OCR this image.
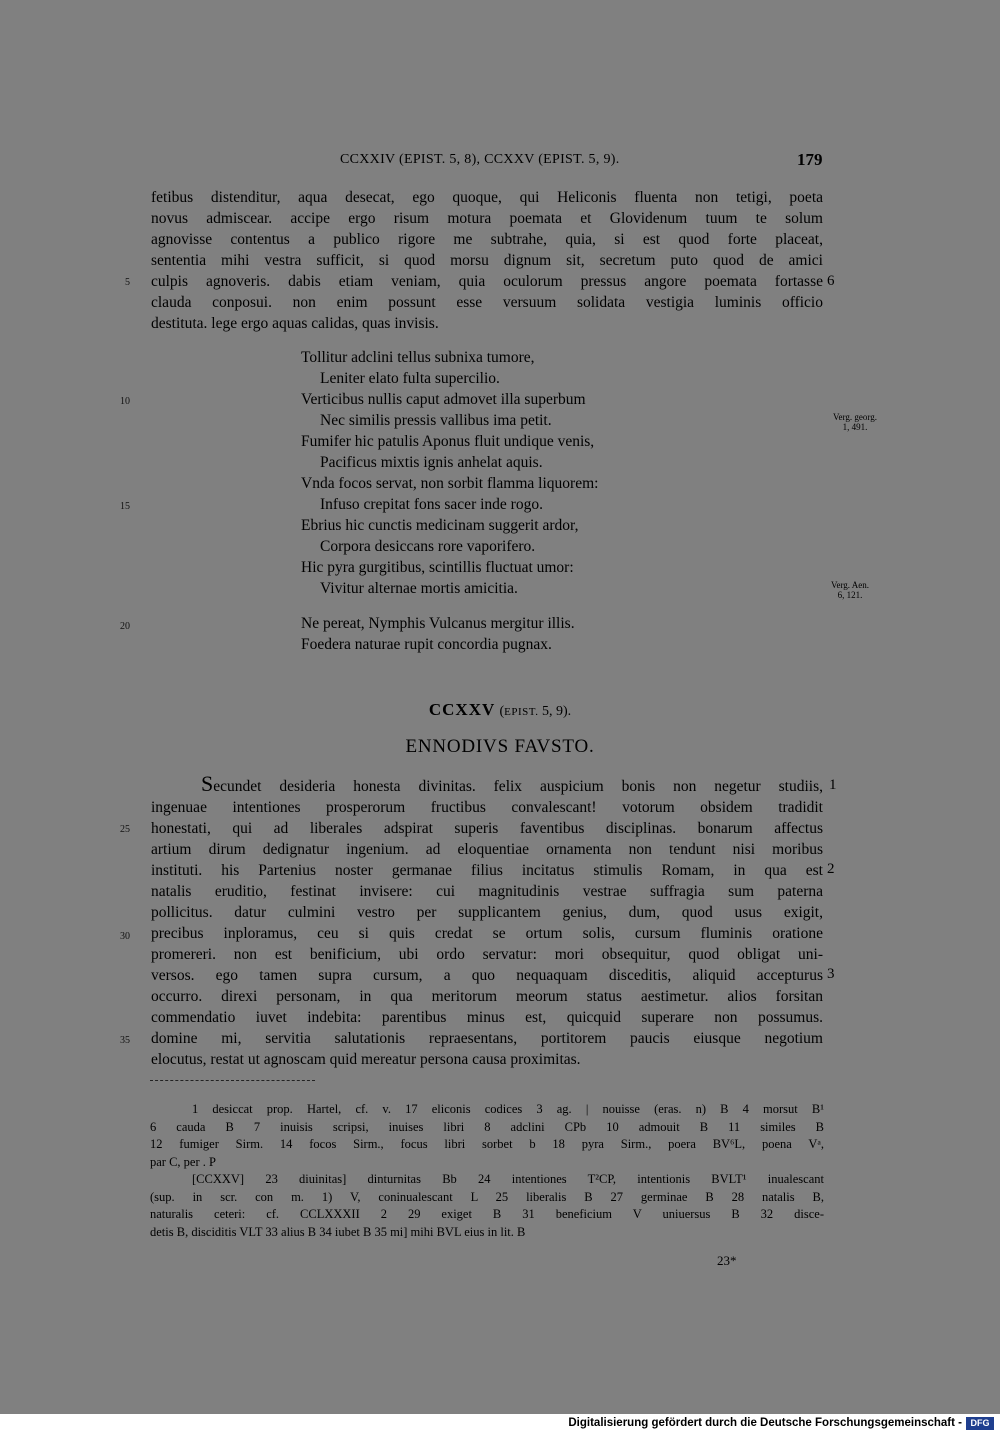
CCXXIV (EPIST. 5, 8), CCXXV (EPIST. 5, 9).	179
fetibus distenditur, aqua desecat, ego quoque, qui Heliconis fluenta non tetigi, poeta
novus admiscear. accipe ergo risum motura poemata et Glovidenum tuum te solum
agnovisse contentus a publico rigore me subtrahe, quia, si est quod forte placeat,
sententia mihi vestra sufficit, si quod morsu dignum sit, secretum puto quod de amici
culpis agnoveris. dabis etiam veniam, quia oculorum pressus angore poemata fortasse
clauda conposui. non enim possunt esse versuum solidata vestigia luminis officio
destituta. lege ergo aquas calidas, quas invisis.
5	6
Tollitur adclini tellus subnixa tumore,
Leniter elato fulta supercilio.
Verticibus nullis caput admovet illa superbum
Nec similis pressis vallibus ima petit.
Fumifer hic patulis Aponus fluit undique venis,
Pacificus mixtis ignis anhelat aquis.
Vnda focos servat, non sorbit flamma liquorem:
Infuso crepitat fons sacer inde rogo.
Ebrius hic cunctis medicinam suggerit ardor,
Corpora desiccans rore vaporifero.
Hic pyra gurgitibus, scintillis fluctuat umor:
Vivitur alternae mortis amicitia.
Ne pereat, Nymphis Vulcanus mergitur illis.
Foedera naturae rupit concordia pugnax.
10
15
20
Verg. georg.
1, 491.
Verg. Aen.
6, 121.
CCXXV (EPIST. 5, 9).
ENNODIVS FAVSTO.
Secundet desideria honesta divinitas. felix auspicium bonis non negetur studiis,
ingenuae intentiones prosperorum fructibus convalescant! votorum obsidem tradidit
honestati, qui ad liberales adspirat superis faventibus disciplinas. bonarum affectus
artium dirum dedignatur ingenium. ad eloquentiae ornamenta non tendunt nisi moribus
instituti. his Partenius noster germanae filius incitatus stimulis Romam, in qua est
natalis eruditio, festinat invisere: cui magnitudinis vestrae suffragia sum paterna
pollicitus. datur culmini vestro per supplicantem genius, dum, quod usus exigit,
precibus inploramus, ceu si quis credat se ortum solis, cursum fluminis oratione
promereri. non est benificium, ubi ordo servatur: mori obsequitur, quod obligat uni-
versos. ego tamen supra cursum, a quo nequaquam disceditis, aliquid accepturus
occurro. direxi personam, in qua meritorum meorum status aestimetur. alios forsitan
commendatio iuvet indebita: parentibus minus est, quicquid superare non possumus.
domine mi, servitia salutationis repraesentans, portitorem paucis eiusque negotium
elocutus, restat ut agnoscam quid mereatur persona causa proximitas.
1
2
3
25
30
35
1 desiccat prop. Hartel, cf. v. 17 eliconis codices 3 ag. | nouisse (eras. n) B 4 morsut B¹
6 cauda B 7 inuisis scripsi, inuises libri 8 adclini CPb 10 admouit B 11 similes B
12 fumiger Sirm. 14 focos Sirm., focus libri sorbet b 18 pyra Sirm., poera BV⁶L, poena Vᵃ,
par C, per . P
[CCXXV] 23 diuinitas] dinturnitas Bb 24 intentiones T²CP, intentionis BVLT¹ inualescant
(sup. in scr. con m. 1) V, coninualescant L 25 liberalis B 27 germinae B 28 natalis B,
naturalis ceteri: cf. CCLXXXII 2 29 exiget B 31 beneficium V uniuersus B 32 disce-
detis B, disciditis VLT 33 alius B 34 iubet B 35 mi] mihi BVL eius in lit. B
23*
Digitalisierung gefördert durch die Deutsche Forschungsgemeinschaft - DFG
